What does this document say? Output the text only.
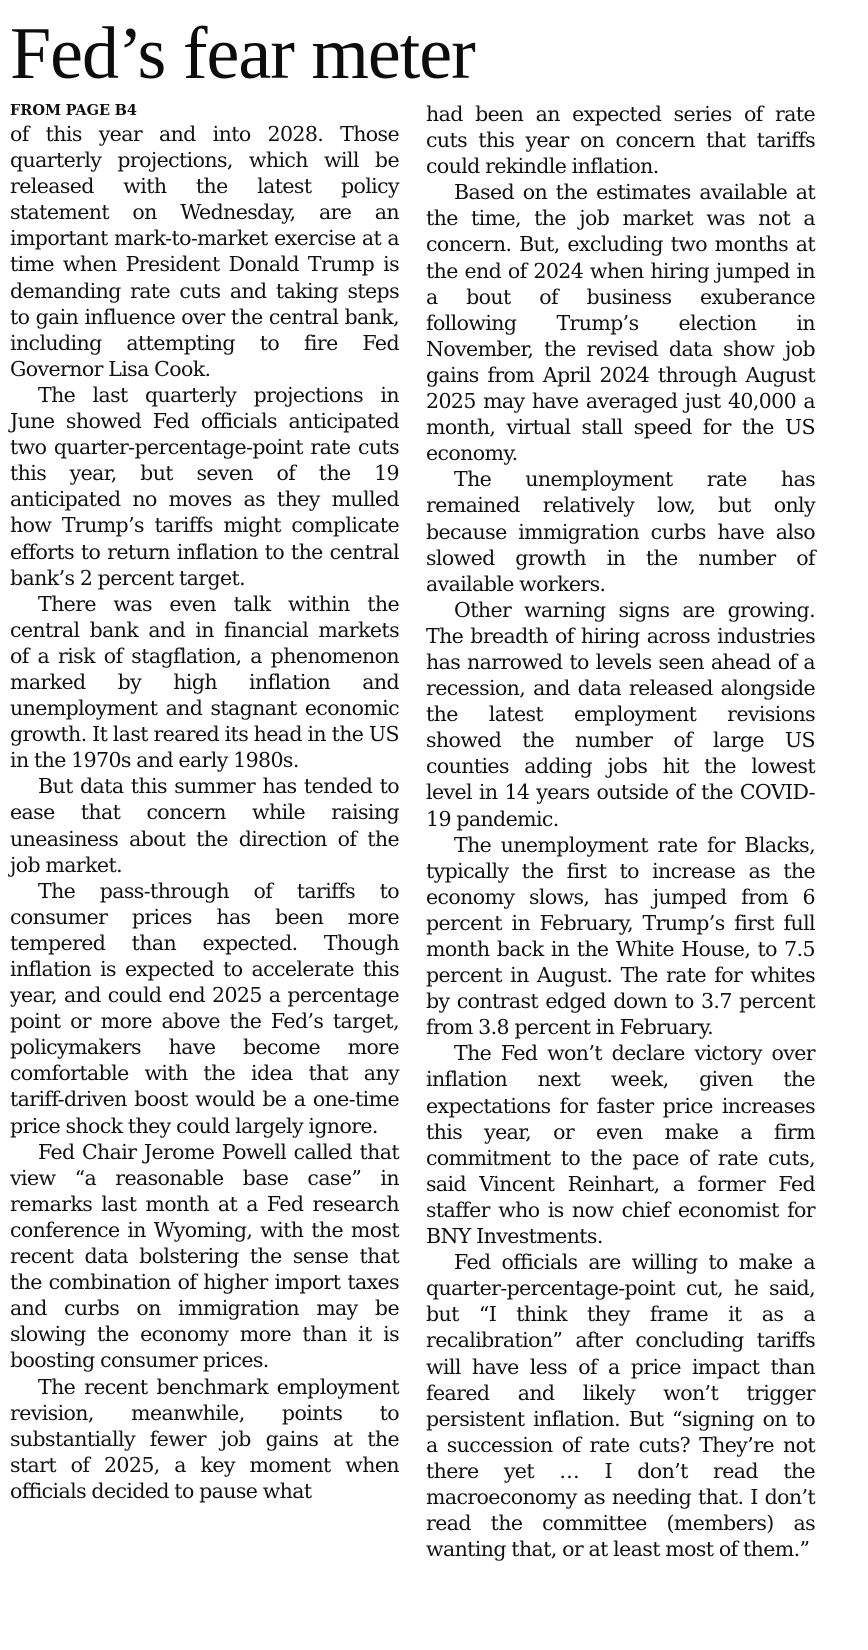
Fed’s fear meter
FROM PAGE B4

of this year and into 2028. Those quarterly projections, which will be released with the latest policy statement on Wednesday, are an important mark-to-market exercise at a time when President Donald Trump is demanding rate cuts and taking steps to gain influence over the central bank, including attempting to fire Fed Governor Lisa Cook.

The last quarterly projections in June showed Fed officials anticipated two quarter-percentage-point rate cuts this year, but seven of the 19 anticipated no moves as they mulled how Trump’s tariffs might complicate efforts to return inflation to the central bank’s 2 percent target.

There was even talk within the central bank and in financial markets of a risk of stagflation, a phenomenon marked by high inflation and unemployment and stagnant economic growth. It last reared its head in the US in the 1970s and early 1980s.

But data this summer has tended to ease that concern while raising uneasiness about the direction of the job market.

The pass-through of tariffs to consumer prices has been more tempered than expected. Though inflation is expected to accelerate this year, and could end 2025 a percentage point or more above the Fed’s target, policymakers have become more comfortable with the idea that any tariff-driven boost would be a one-time price shock they could largely ignore.

Fed Chair Jerome Powell called that view “a reasonable base case” in remarks last month at a Fed research conference in Wyoming, with the most recent data bolstering the sense that the combination of higher import taxes and curbs on immigration may be slowing the economy more than it is boosting consumer prices.

The recent benchmark employment revision, meanwhile, points to substantially fewer job gains at the start of 2025, a key moment when officials decided to pause what

had been an expected series of rate cuts this year on concern that tariffs could rekindle inflation.

Based on the estimates available at the time, the job market was not a concern. But, excluding two months at the end of 2024 when hiring jumped in a bout of business exuberance following Trump’s election in November, the revised data show job gains from April 2024 through August 2025 may have averaged just 40,000 a month, virtual stall speed for the US economy.

The unemployment rate has remained relatively low, but only because immigration curbs have also slowed growth in the number of available workers.

Other warning signs are growing. The breadth of hiring across industries has narrowed to levels seen ahead of a recession, and data released alongside the latest employment revisions showed the number of large US counties adding jobs hit the lowest level in 14 years outside of the COVID-19 pandemic.

The unemployment rate for Blacks, typically the first to increase as the economy slows, has jumped from 6 percent in February, Trump’s first full month back in the White House, to 7.5 percent in August. The rate for whites by contrast edged down to 3.7 percent from 3.8 percent in February.

The Fed won’t declare victory over inflation next week, given the expectations for faster price increases this year, or even make a firm commitment to the pace of rate cuts, said Vincent Reinhart, a former Fed staffer who is now chief economist for BNY Investments.

Fed officials are willing to make a quarter-percentage-point cut, he said, but “I think they frame it as a recalibration” after concluding tariffs will have less of a price impact than feared and likely won’t trigger persistent inflation. But “signing on to a succession of rate cuts? They’re not there yet … I don’t read the macroeconomy as needing that. I don’t read the committee (members) as wanting that, or at least most of them.”
